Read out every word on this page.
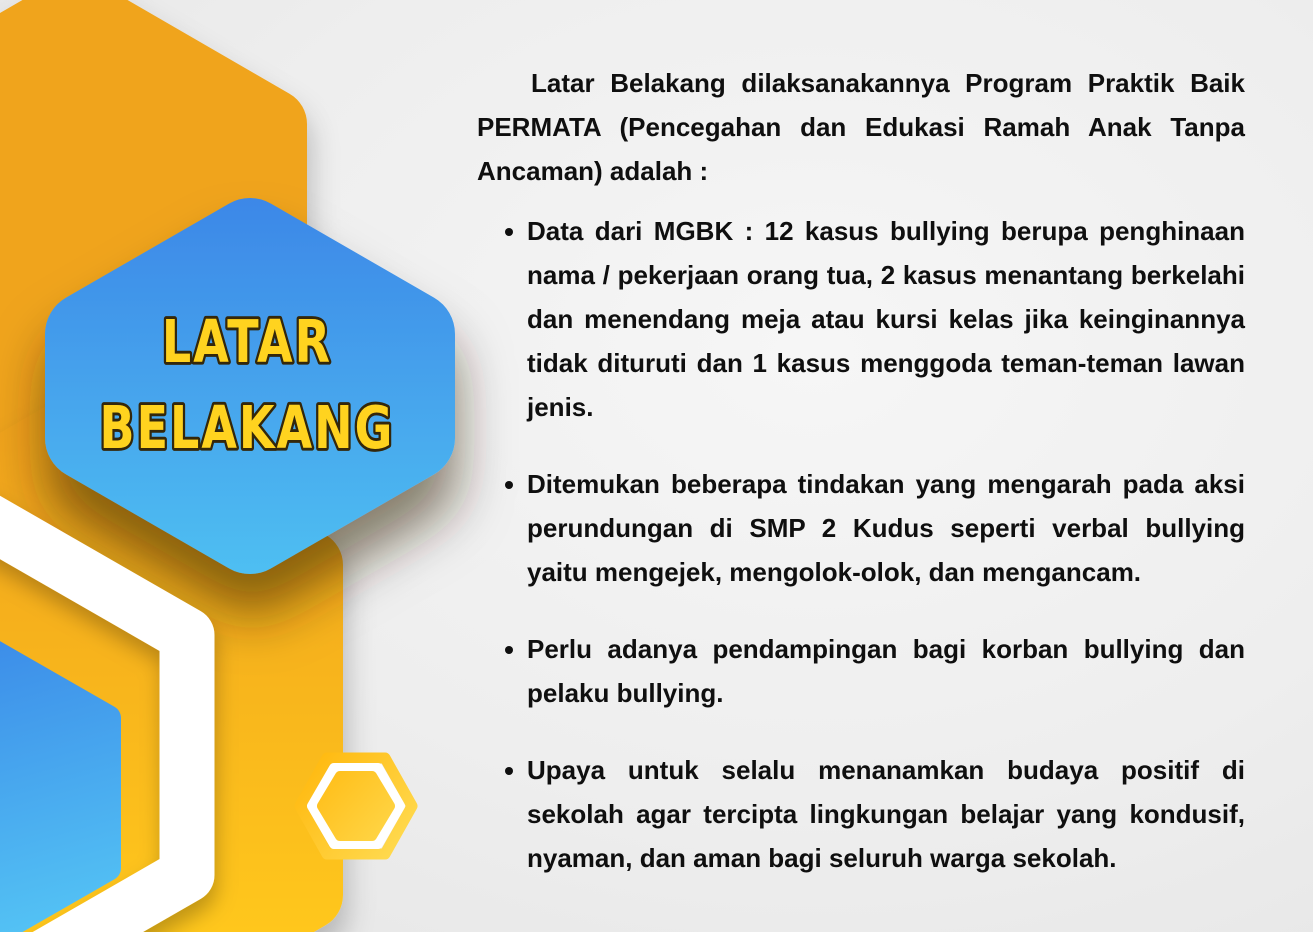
LATAR
BELAKANG

Latar Belakang dilaksanakannya Program Praktik Baik PERMATA (Pencegahan dan Edukasi Ramah Anak Tanpa Ancaman) adalah :

Data dari MGBK : 12 kasus bullying berupa penghinaan nama / pekerjaan orang tua, 2 kasus menantang berkelahi dan menendang meja atau kursi kelas jika keinginannya tidak dituruti dan 1 kasus menggoda teman-teman lawan jenis.
Ditemukan beberapa tindakan yang mengarah pada aksi perundungan di SMP 2 Kudus seperti verbal bullying yaitu mengejek, mengolok-olok, dan mengancam.
Perlu adanya pendampingan bagi korban bullying dan pelaku bullying.
Upaya untuk selalu menanamkan budaya positif di sekolah agar tercipta lingkungan belajar yang kondusif, nyaman, dan aman bagi seluruh warga sekolah.
